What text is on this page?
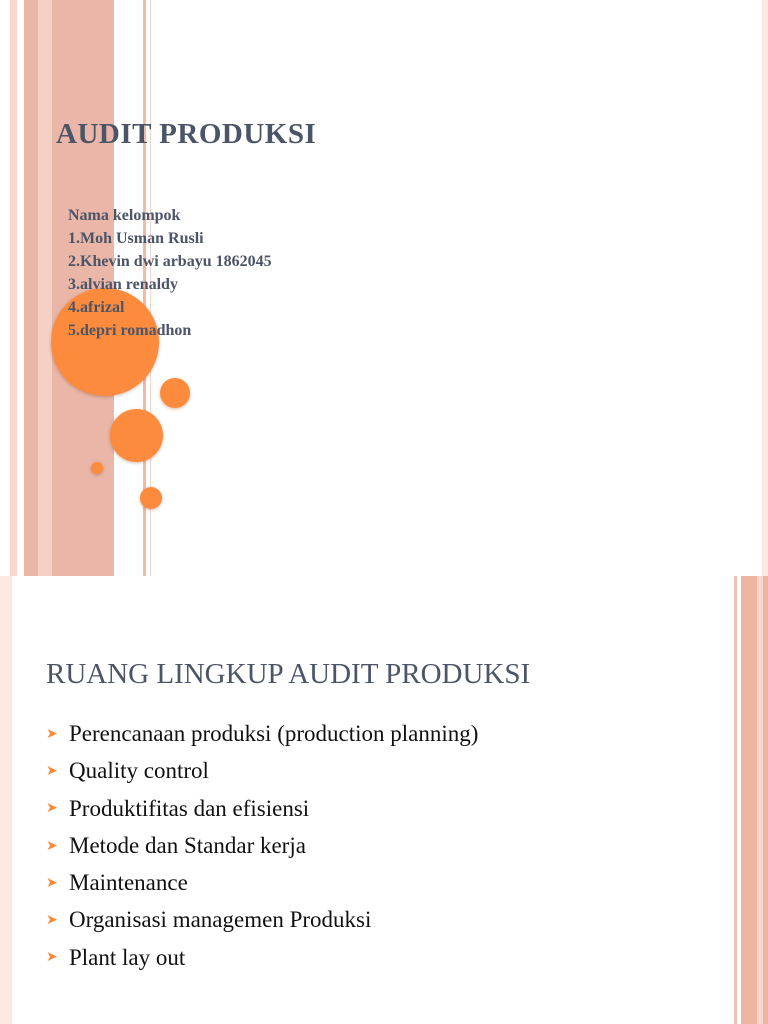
AUDIT PRODUKSI
Nama kelompok
1.Moh Usman Rusli
2.Khevin dwi arbayu 1862045
3.alvian renaldy
4.afrizal
5.depri romadhon
RUANG LINGKUP AUDIT PRODUKSI
➤ Perencanaan produksi (production planning)
➤ Quality control
➤ Produktifitas dan efisiensi
➤ Metode dan Standar kerja
➤ Maintenance
➤ Organisasi managemen Produksi
➤ Plant lay out
